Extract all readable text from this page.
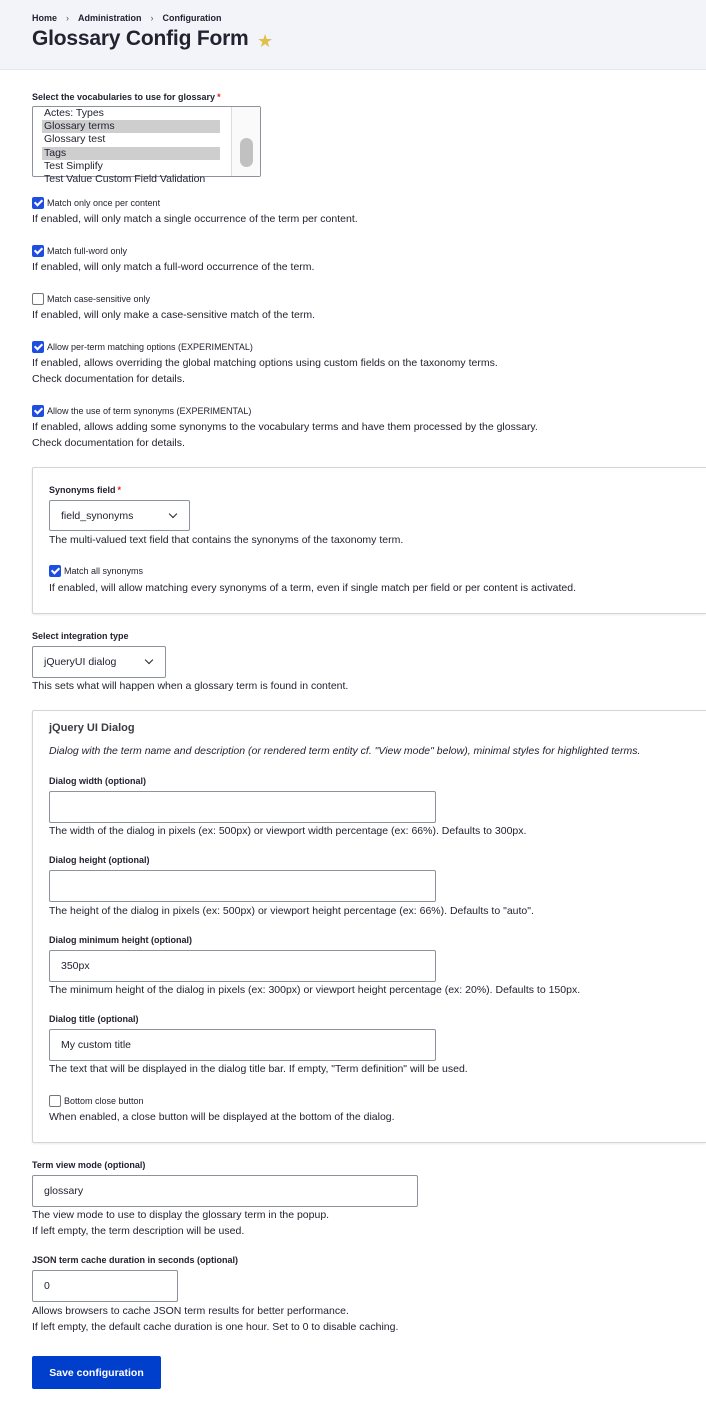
Home › Administration › Configuration
Glossary Config Form ★
Select the vocabularies to use for glossary *
Actes: Types
Glossary terms
Glossary test
Tags
Test Simplify
Test Value Custom Field Validation
Match only once per content
If enabled, will only match a single occurrence of the term per content.
Match full-word only
If enabled, will only match a full-word occurrence of the term.
Match case-sensitive only
If enabled, will only make a case-sensitive match of the term.
Allow per-term matching options (EXPERIMENTAL)
If enabled, allows overriding the global matching options using custom fields on the taxonomy terms.
Check documentation for details.
Allow the use of term synonyms (EXPERIMENTAL)
If enabled, allows adding some synonyms to the vocabulary terms and have them processed by the glossary.
Check documentation for details.
Synonyms field *
field_synonyms
The multi-valued text field that contains the synonyms of the taxonomy term.
Match all synonyms
If enabled, will allow matching every synonyms of a term, even if single match per field or per content is activated.
Select integration type
jQueryUI dialog
This sets what will happen when a glossary term is found in content.
jQuery UI Dialog
Dialog with the term name and description (or rendered term entity cf. "View mode" below), minimal styles for highlighted terms.
Dialog width (optional)
The width of the dialog in pixels (ex: 500px) or viewport width percentage (ex: 66%). Defaults to 300px.
Dialog height (optional)
The height of the dialog in pixels (ex: 500px) or viewport height percentage (ex: 66%). Defaults to "auto".
Dialog minimum height (optional)
350px
The minimum height of the dialog in pixels (ex: 300px) or viewport height percentage (ex: 20%). Defaults to 150px.
Dialog title (optional)
My custom title
The text that will be displayed in the dialog title bar. If empty, "Term definition" will be used.
Bottom close button
When enabled, a close button will be displayed at the bottom of the dialog.
Term view mode (optional)
glossary
The view mode to use to display the glossary term in the popup.
If left empty, the term description will be used.
JSON term cache duration in seconds (optional)
0
Allows browsers to cache JSON term results for better performance.
If left empty, the default cache duration is one hour. Set to 0 to disable caching.
Save configuration
